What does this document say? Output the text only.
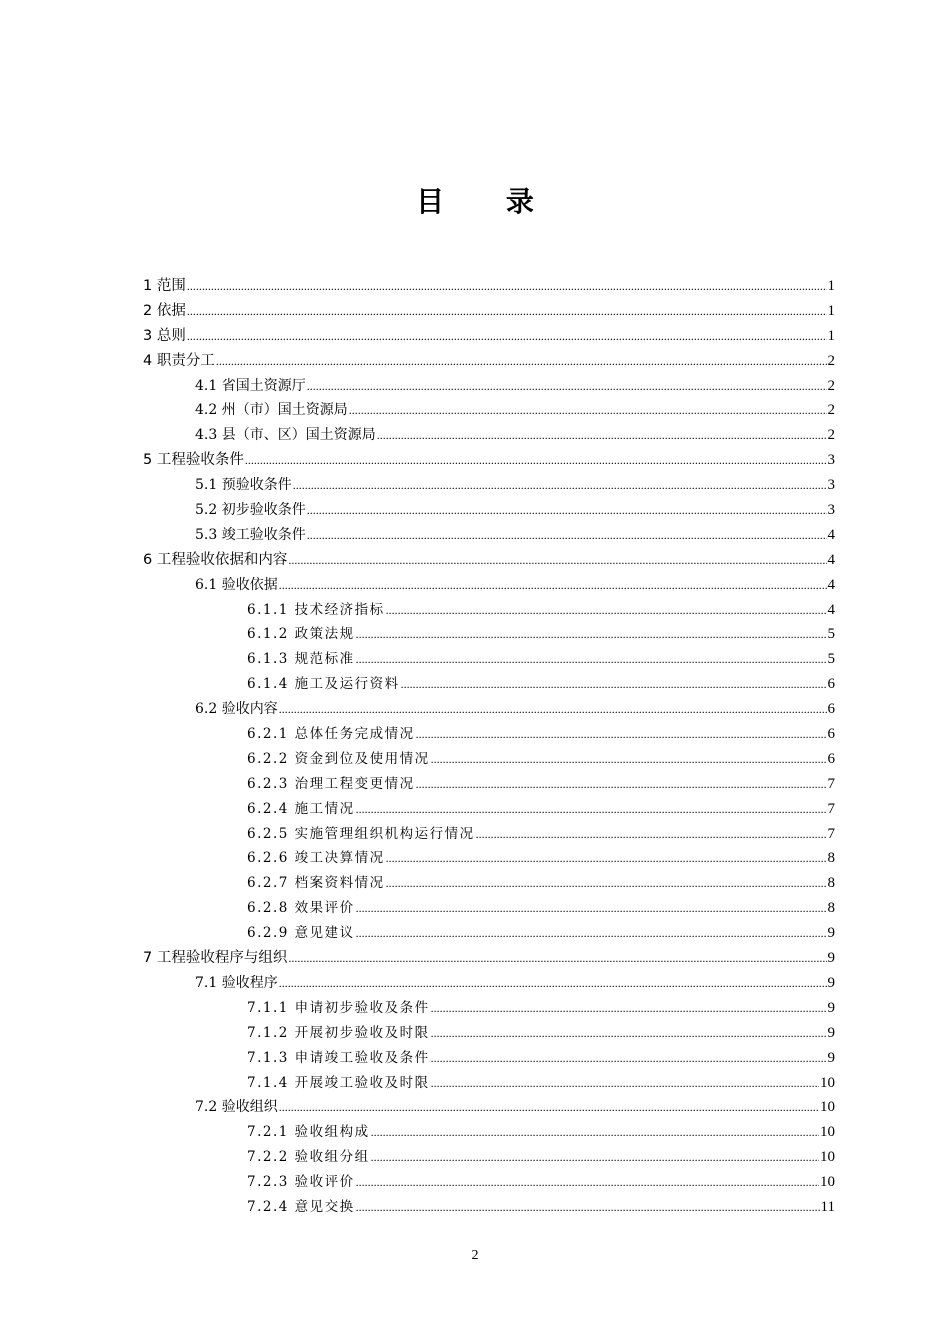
目 录
1 范围 .....	1
2 依据 .....	1
3 总则 .....	1
4 职责分工 .....	2
4.1 省国土资源厅 .....	2
4.2 州（市）国土资源局 .....	2
4.3 县（市、区）国土资源局 .....	2
5 工程验收条件 .....	3
5.1 预验收条件 .....	3
5.2 初步验收条件 .....	3
5.3 竣工验收条件 .....	4
6 工程验收依据和内容 .....	4
6.1 验收依据 .....	4
6.1.1 技术经济指标 .....	4
6.1.2 政策法规 .....	5
6.1.3 规范标准 .....	5
6.1.4 施工及运行资料 .....	6
6.2 验收内容 .....	6
6.2.1 总体任务完成情况 .....	6
6.2.2 资金到位及使用情况 .....	6
6.2.3 治理工程变更情况 .....	7
6.2.4 施工情况 .....	7
6.2.5 实施管理组织机构运行情况 .....	7
6.2.6 竣工决算情况 .....	8
6.2.7 档案资料情况 .....	8
6.2.8 效果评价 .....	8
6.2.9 意见建议 .....	9
7 工程验收程序与组织 .....	9
7.1 验收程序 .....	9
7.1.1 申请初步验收及条件 .....	9
7.1.2 开展初步验收及时限 .....	9
7.1.3 申请竣工验收及条件 .....	9
7.1.4 开展竣工验收及时限 .....	10
7.2 验收组织 .....	10
7.2.1 验收组构成 .....	10
7.2.2 验收组分组 .....	10
7.2.3 验收评价 .....	10
7.2.4 意见交换 .....	11
2
